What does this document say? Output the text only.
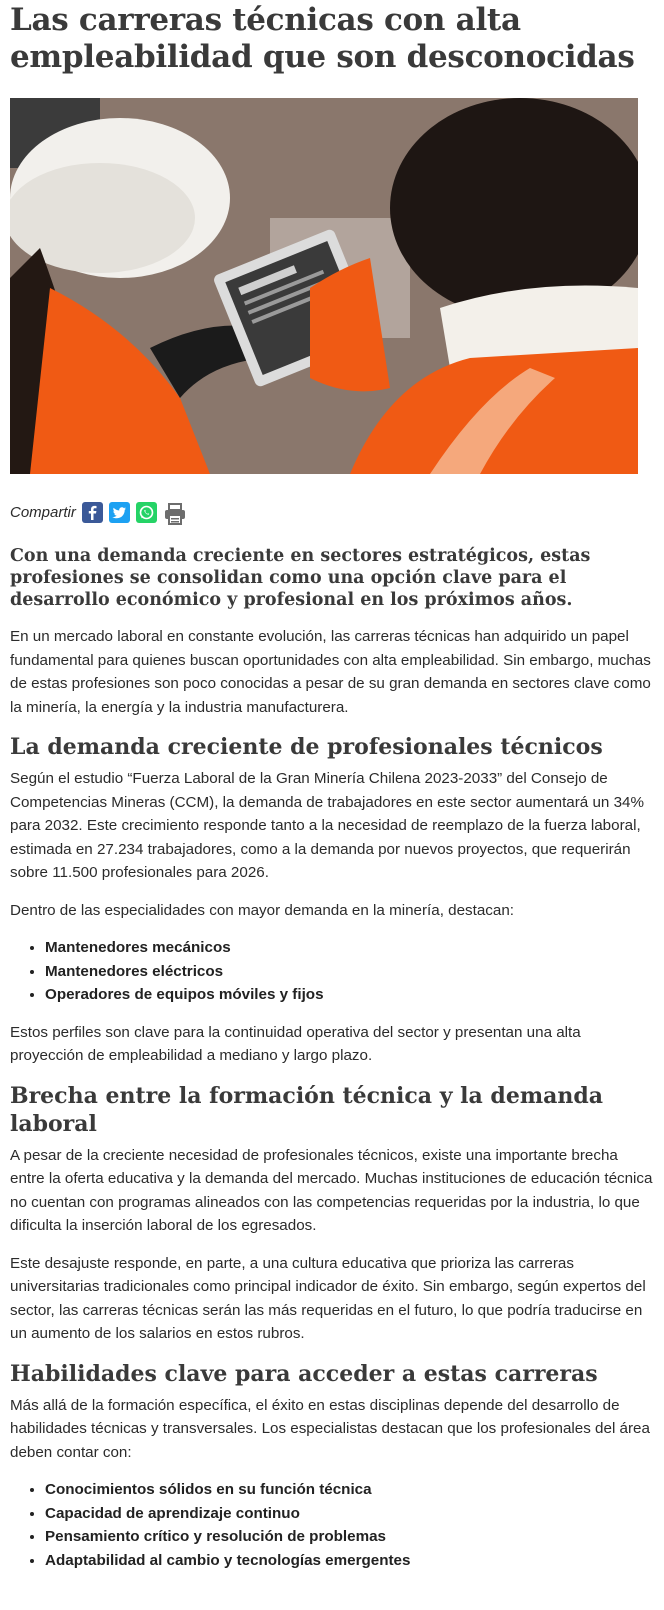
Las carreras técnicas con alta empleabilidad que son desconocidas
Compartir
Con una demanda creciente en sectores estratégicos, estas profesiones se consolidan como una opción clave para el desarrollo económico y profesional en los próximos años.

En un mercado laboral en constante evolución, las carreras técnicas han adquirido un papel fundamental para quienes buscan oportunidades con alta empleabilidad. Sin embargo, muchas de estas profesiones son poco conocidas a pesar de su gran demanda en sectores clave como la minería, la energía y la industria manufacturera.

La demanda creciente de profesionales técnicos

Según el estudio “Fuerza Laboral de la Gran Minería Chilena 2023-2033” del Consejo de Competencias Mineras (CCM), la demanda de trabajadores en este sector aumentará un 34% para 2032. Este crecimiento responde tanto a la necesidad de reemplazo de la fuerza laboral, estimada en 27.234 trabajadores, como a la demanda por nuevos proyectos, que requerirán sobre 11.500 profesionales para 2026.

Dentro de las especialidades con mayor demanda en la minería, destacan:

• Mantenedores mecánicos
• Mantenedores eléctricos
• Operadores de equipos móviles y fijos

Estos perfiles son clave para la continuidad operativa del sector y presentan una alta proyección de empleabilidad a mediano y largo plazo.

Brecha entre la formación técnica y la demanda laboral

A pesar de la creciente necesidad de profesionales técnicos, existe una importante brecha entre la oferta educativa y la demanda del mercado. Muchas instituciones de educación técnica no cuentan con programas alineados con las competencias requeridas por la industria, lo que dificulta la inserción laboral de los egresados.

Este desajuste responde, en parte, a una cultura educativa que prioriza las carreras universitarias tradicionales como principal indicador de éxito. Sin embargo, según expertos del sector, las carreras técnicas serán las más requeridas en el futuro, lo que podría traducirse en un aumento de los salarios en estos rubros.

Habilidades clave para acceder a estas carreras

Más allá de la formación específica, el éxito en estas disciplinas depende del desarrollo de habilidades técnicas y transversales. Los especialistas destacan que los profesionales del área deben contar con:

• Conocimientos sólidos en su función técnica
• Capacidad de aprendizaje continuo
• Pensamiento crítico y resolución de problemas
• Adaptabilidad al cambio y tecnologías emergentes
